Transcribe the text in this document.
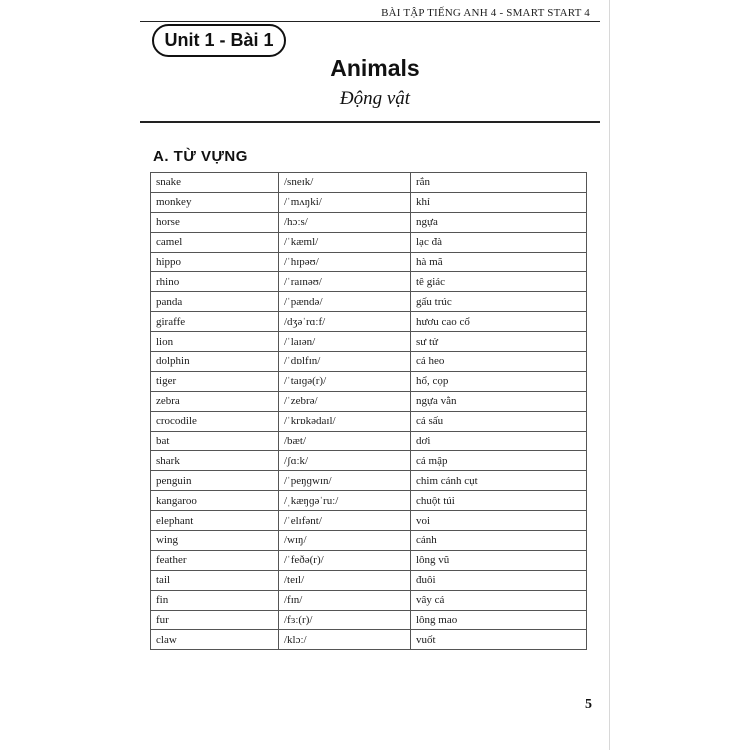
BÀI TẬP TIẾNG ANH 4 - SMART START 4
Unit 1 - Bài 1
Animals
Động vật
A. TỪ VỰNG
snake	/sneɪk/	rắn
monkey	/ˈmʌŋki/	khỉ
horse	/hɔːs/	ngựa
camel	/ˈkæml/	lạc đà
hippo	/ˈhɪpəʊ/	hà mã
rhino	/ˈraɪnəʊ/	tê giác
panda	/ˈpændə/	gấu trúc
giraffe	/dʒəˈrɑːf/	hươu cao cổ
lion	/ˈlaɪən/	sư tử
dolphin	/ˈdɒlfɪn/	cá heo
tiger	/ˈtaɪɡə(r)/	hổ, cọp
zebra	/ˈzebrə/	ngựa vằn
crocodile	/ˈkrɒkədaɪl/	cá sấu
bat	/bæt/	dơi
shark	/ʃɑːk/	cá mập
penguin	/ˈpeŋɡwɪn/	chim cánh cụt
kangaroo	/ˌkæŋɡəˈruː/	chuột túi
elephant	/ˈelɪfənt/	voi
wing	/wɪŋ/	cánh
feather	/ˈfeðə(r)/	lông vũ
tail	/teɪl/	đuôi
fin	/fɪn/	vây cá
fur	/fɜː(r)/	lông mao
claw	/klɔː/	vuốt
5
